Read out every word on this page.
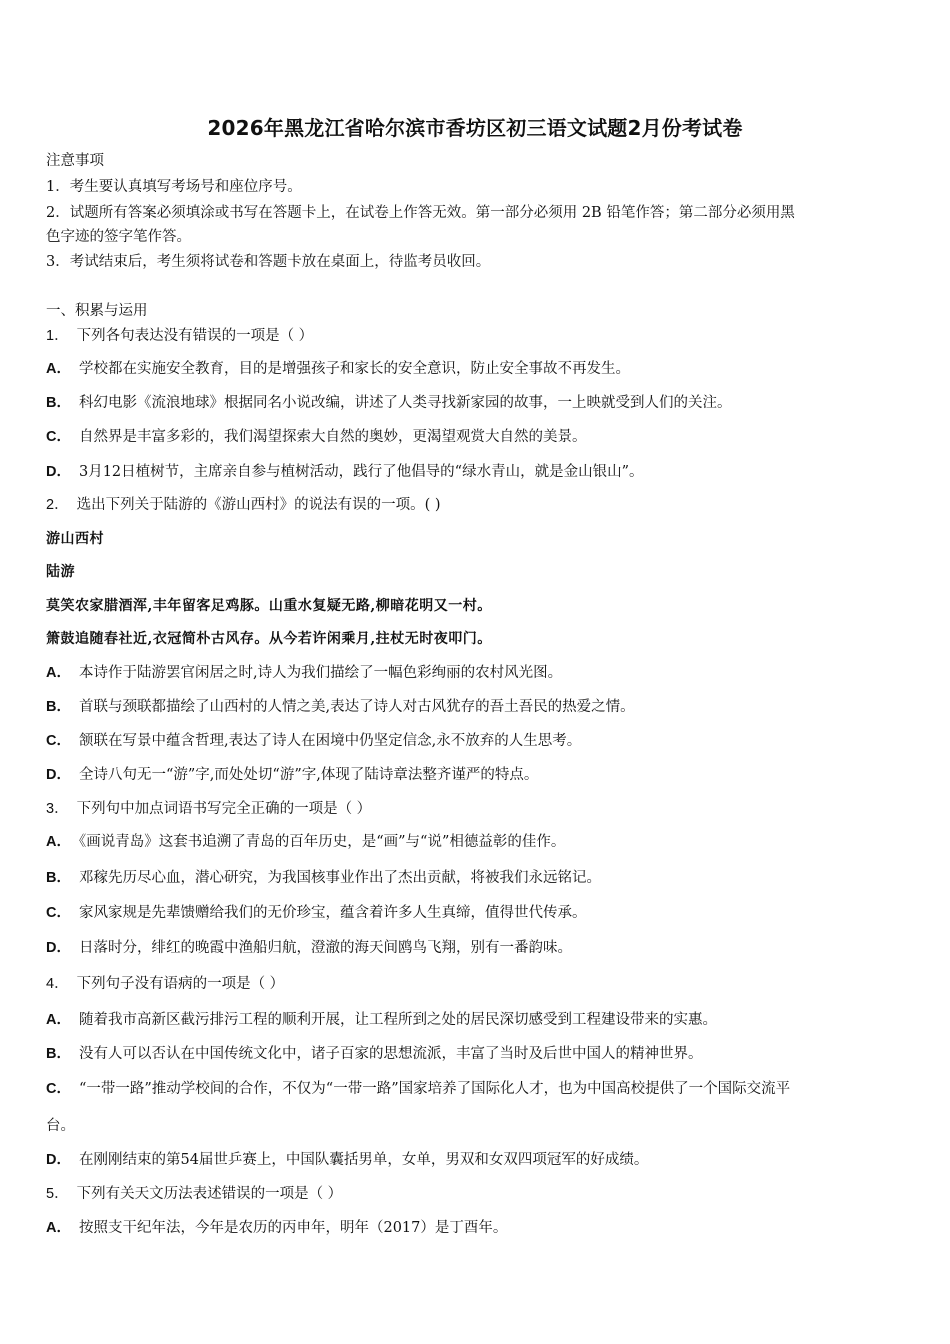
2026年黑龙江省哈尔滨市香坊区初三语文试题2月份考试卷
注意事项
1．考生要认真填写考场号和座位序号。
2．试题所有答案必须填涂或书写在答题卡上，在试卷上作答无效。第一部分必须用 2B 铅笔作答；第二部分必须用黑
色字迹的签字笔作答。
3．考试结束后，考生须将试卷和答题卡放在桌面上，待监考员收回。
一、积累与运用
1． 下列各句表达没有错误的一项是（ ）
A． 学校都在实施安全教育，目的是增强孩子和家长的安全意识，防止安全事故不再发生。
B． 科幻电影《流浪地球》根据同名小说改编，讲述了人类寻找新家园的故事，一上映就受到人们的关注。
C． 自然界是丰富多彩的，我们渴望探索大自然的奥妙，更渴望观赏大自然的美景。
D． 3月12日植树节，主席亲自参与植树活动，践行了他倡导的“绿水青山，就是金山银山”。
2． 选出下列关于陆游的《游山西村》的说法有误的一项。( )
游山西村
陆游
莫笑农家腊酒浑,丰年留客足鸡豚。山重水复疑无路,柳暗花明又一村。
箫鼓追随春社近,衣冠简朴古风存。从今若许闲乘月,拄杖无时夜叩门。
A． 本诗作于陆游罢官闲居之时,诗人为我们描绘了一幅色彩绚丽的农村风光图。
B． 首联与颈联都描绘了山西村的人情之美,表达了诗人对古风犹存的吾土吾民的热爱之情。
C． 颔联在写景中蕴含哲理,表达了诗人在困境中仍坚定信念,永不放弃的人生思考。
D． 全诗八句无一“游”字,而处处切“游”字,体现了陆诗章法整齐谨严的特点。
3． 下列句中加点词语书写完全正确的一项是（ ）
A． 《画说青岛》这套书追溯了青岛的百年历史，是“画”与“说”相德益彰的佳作。
B． 邓稼先历尽心血，潜心研究，为我国核事业作出了杰出贡献，将被我们永远铭记。
C． 家风家规是先辈馈赠给我们的无价珍宝，蕴含着许多人生真缔，值得世代传承。
D． 日落时分，绯红的晚霞中渔船归航，澄澈的海天间鸥鸟飞翔，别有一番韵味。
4． 下列句子没有语病的一项是（ ）
A． 随着我市高新区截污排污工程的顺利开展，让工程所到之处的居民深切感受到工程建设带来的实惠。
B． 没有人可以否认在中国传统文化中，诸子百家的思想流派，丰富了当时及后世中国人的精神世界。
C． “一带一路”推动学校间的合作，不仅为“一带一路”国家培养了国际化人才，也为中国高校提供了一个国际交流平
台。
D． 在刚刚结束的第54届世乒赛上，中国队囊括男单，女单，男双和女双四项冠军的好成绩。
5． 下列有关天文历法表述错误的一项是（ ）
A． 按照支干纪年法，今年是农历的丙申年，明年（2017）是丁酉年。
